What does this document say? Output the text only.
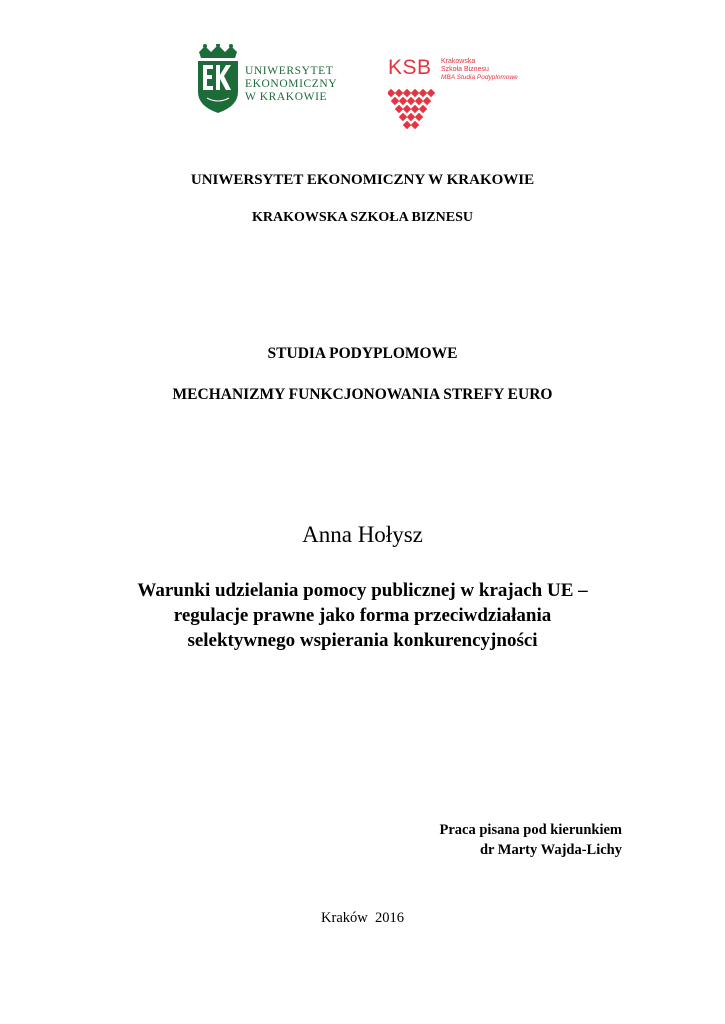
UNIWERSYTET
EKONOMICZNY
W KRAKOWIE
KSB Krakowska
Szkoła Biznesu
MBA Studia Podyplomowe
UNIWERSYTET EKONOMICZNY W KRAKOWIE
KRAKOWSKA SZKOŁA BIZNESU
STUDIA PODYPLOMOWE
MECHANIZMY FUNKCJONOWANIA STREFY EURO
Anna Hołysz
Warunki udzielania pomocy publicznej w krajach UE –
regulacje prawne jako forma przeciwdziałania
selektywnego wspierania konkurencyjności
Praca pisana pod kierunkiem
dr Marty Wajda-Lichy
Kraków  2016
